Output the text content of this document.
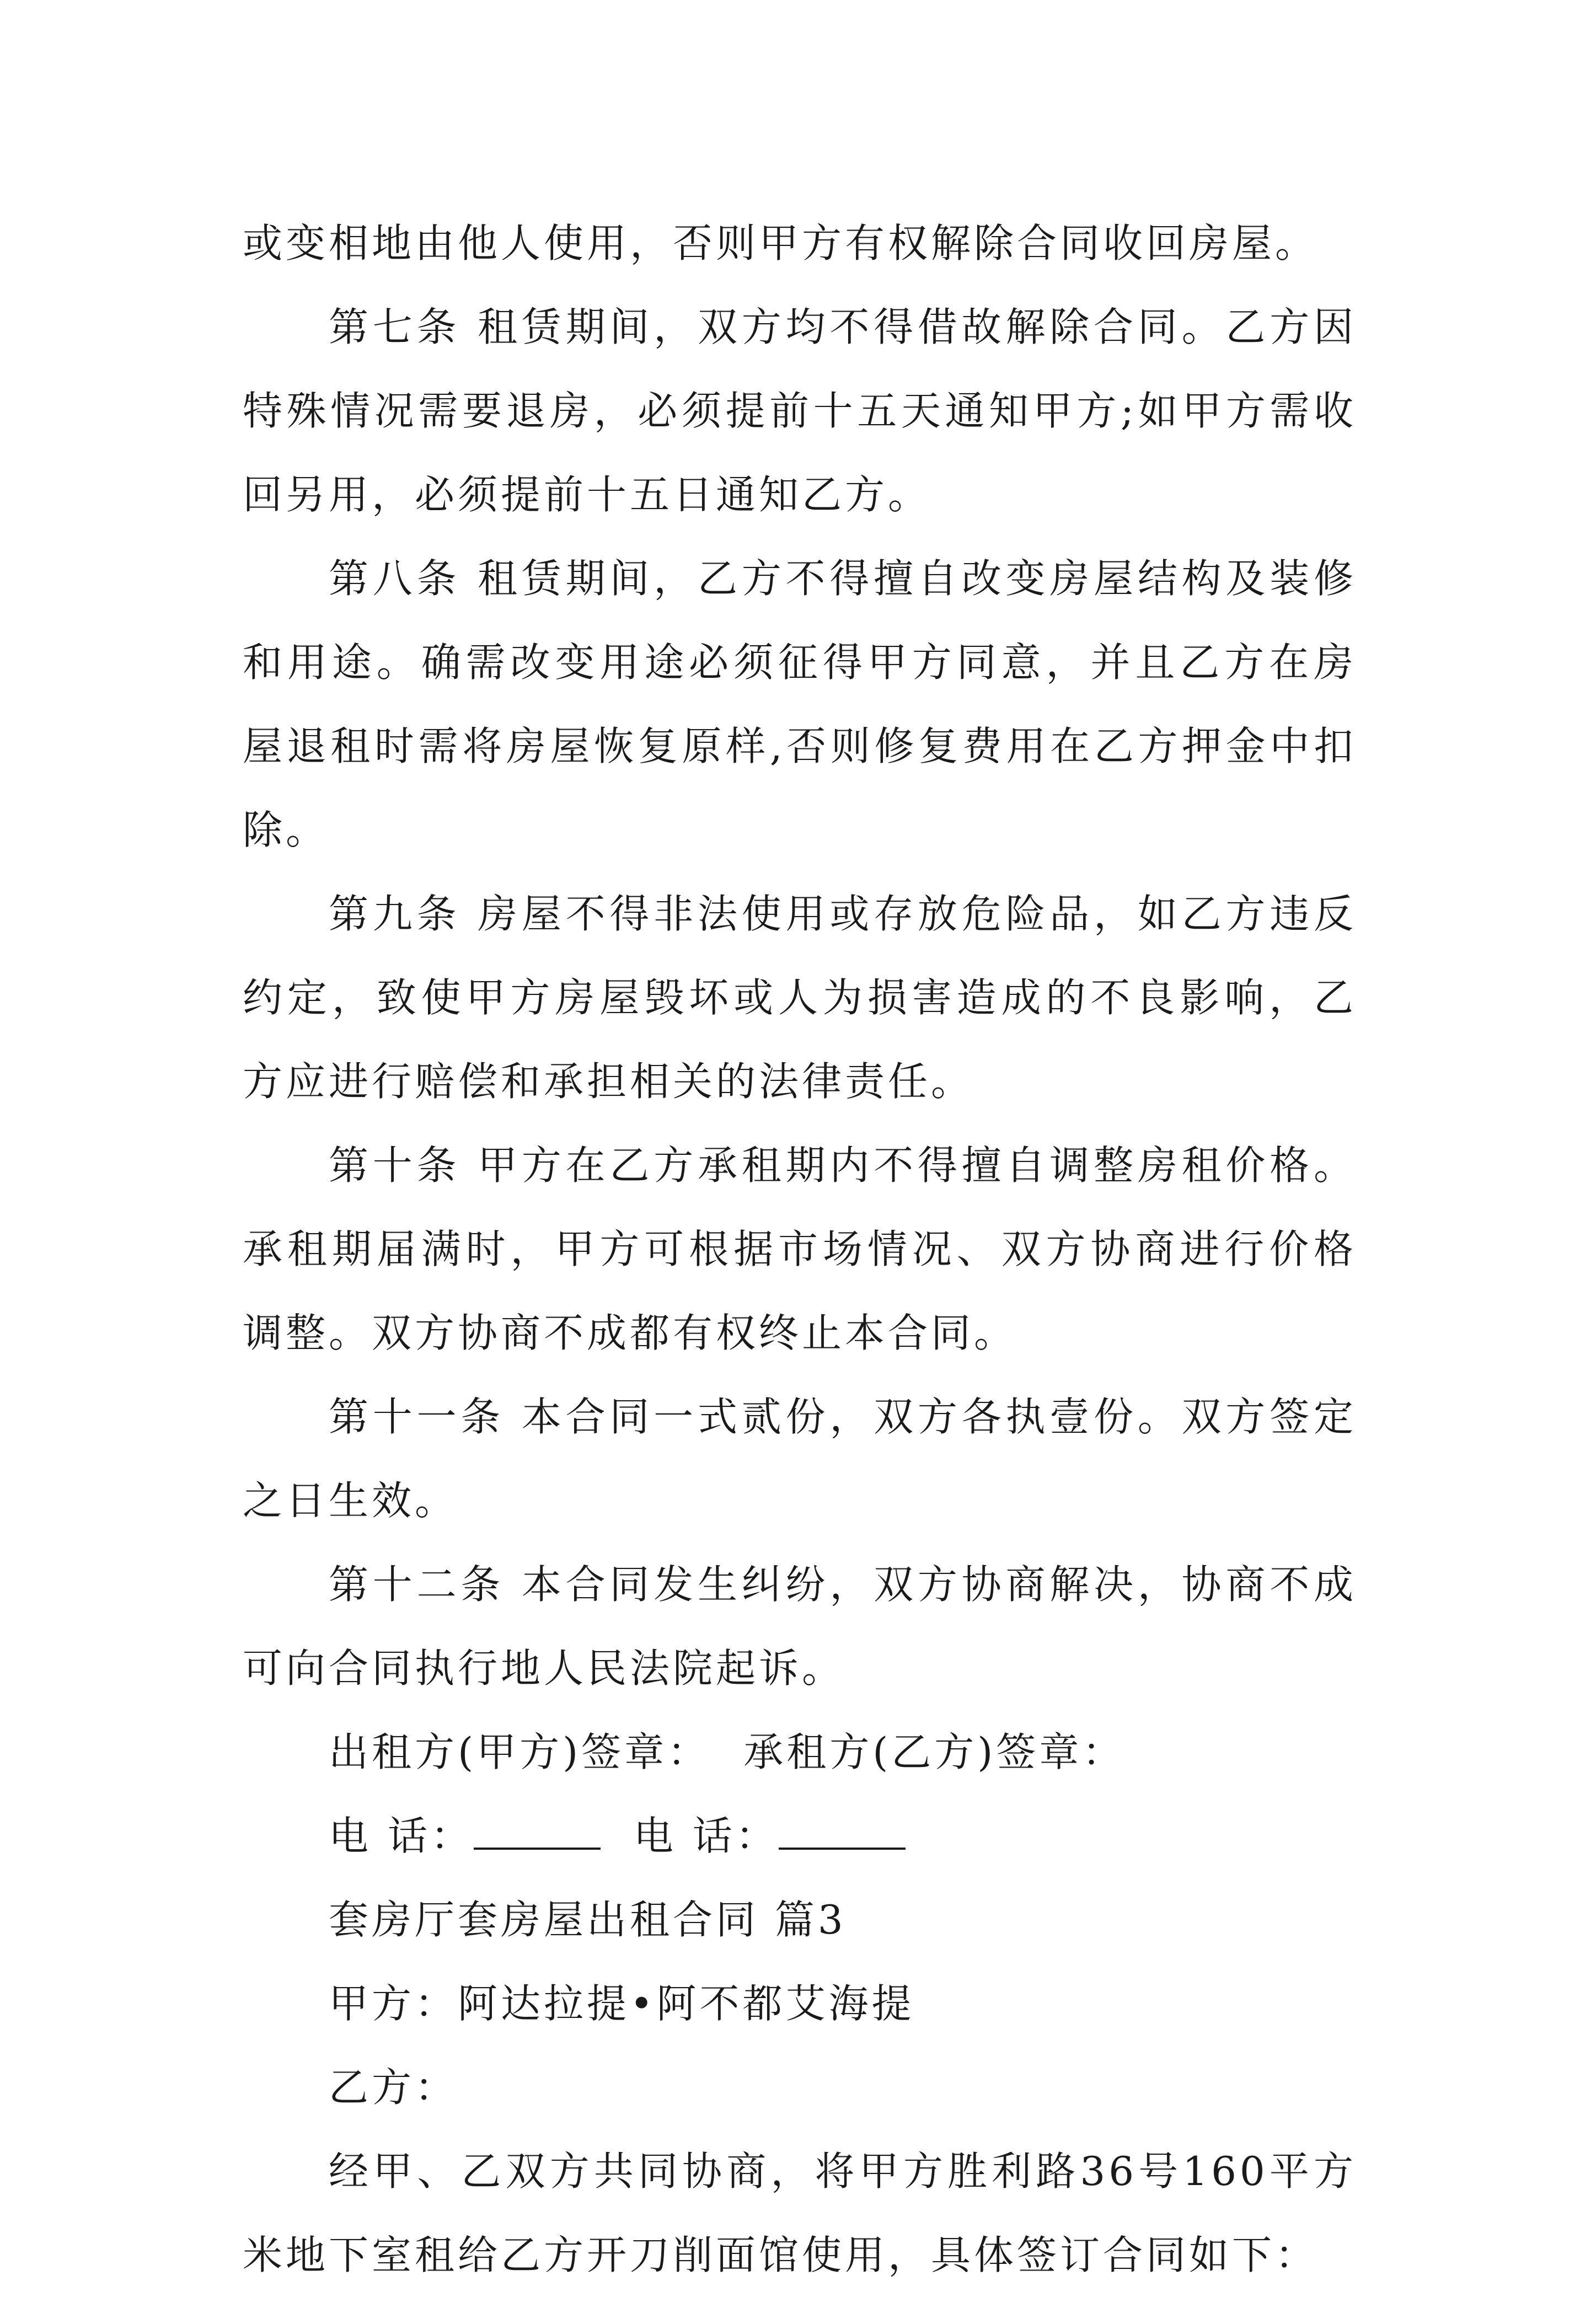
或变相地由他人使用，否则甲方有权解除合同收回房屋。

第七条 租赁期间，双方均不得借故解除合同。乙方因特殊情况需要退房，必须提前十五天通知甲方;如甲方需收回另用，必须提前十五日通知乙方。

第八条 租赁期间，乙方不得擅自改变房屋结构及装修和用途。确需改变用途必须征得甲方同意，并且乙方在房屋退租时需将房屋恢复原样,否则修复费用在乙方押金中扣除。

第九条 房屋不得非法使用或存放危险品，如乙方违反约定，致使甲方房屋毁坏或人为损害造成的不良影响，乙方应进行赔偿和承担相关的法律责任。

第十条 甲方在乙方承租期内不得擅自调整房租价格。承租期届满时，甲方可根据市场情况、双方协商进行价格调整。双方协商不成都有权终止本合同。

第十一条 本合同一式贰份，双方各执壹份。双方签定之日生效。

第十二条 本合同发生纠纷，双方协商解决，协商不成可向合同执行地人民法院起诉。

出租方(甲方)签章： 承租方(乙方)签章：

电 话：	电 话：

套房厅套房屋出租合同 篇3

甲方：阿达拉提•阿不都艾海提

乙方：

经甲、乙双方共同协商，将甲方胜利路36号160平方米地下室租给乙方开刀削面馆使用，具体签订合同如下：
